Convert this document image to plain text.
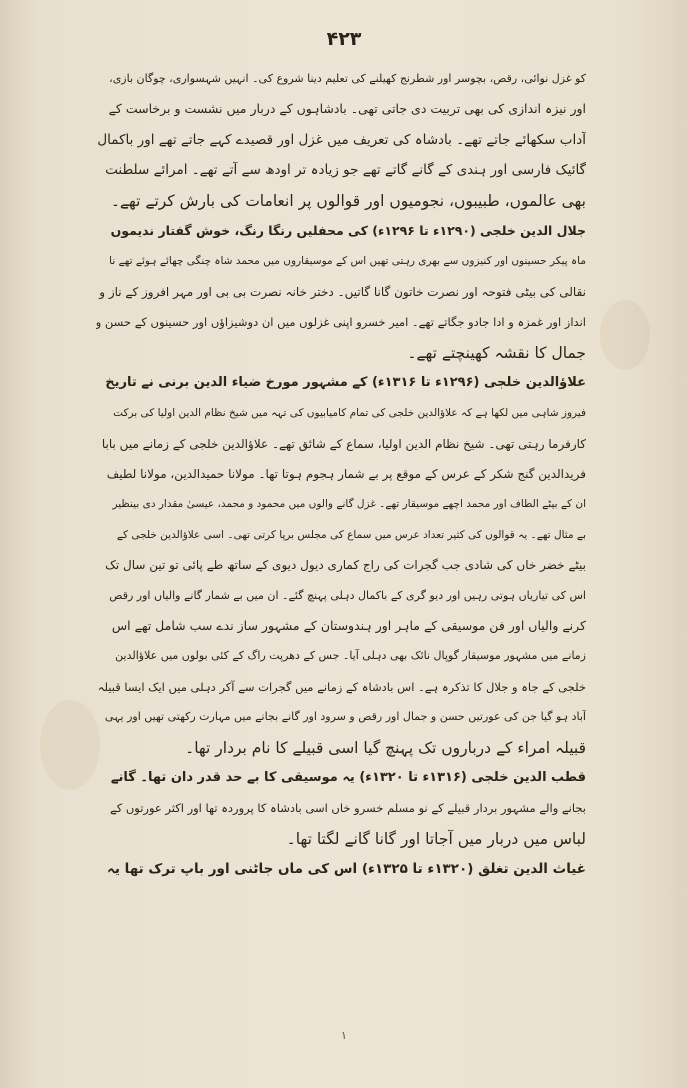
۴۲۳
کو غزل نوائی، رقص، بچوسر اور شطرنج کھیلنے کی تعلیم دینا شروع کی۔ انہیں شہسواری، چوگان بازی،
اور نیزہ اندازی کی بھی تربیت دی جاتی تھی۔ بادشاہوں کے دربار میں نشست و برخاست کے
آداب سکھائے جاتے تھے۔ بادشاہ کی تعریف میں غزل اور قصیدے کہے جاتے تھے اور باکمال
گائیک فارسی اور ہندی کے گانے گاتے تھے جو زیادہ تر اودھ سے آتے تھے۔ امرائے سلطنت
بھی عالموں، طبیبوں، نجومیوں اور قوالوں پر انعامات کی بارش کرتے تھے۔
جلال الدین خلجی (۱۲۹۰ء تا ۱۲۹۶ء) کی محفلیں رنگا رنگ، خوش گفتار ندیموں
ماہ پیکر حسینوں اور کنیزوں سے بھری رہتی تھیں اس کے موسیقاروں میں محمد شاہ چنگی چھائے ہوئے تھے نا
نقالی کی بیٹی فتوحہ اور نصرت خاتون گانا گاتیں۔ دختر خانہ نصرت بی بی اور مہر افروز کے ناز و
انداز اور غمزہ و ادا جادو جگاتے تھے۔ امیر خسرو اپنی غزلوں میں ان دوشیزاؤں اور حسینوں کے حسن و
جمال کا نقشہ کھینچتے تھے۔
علاؤالدین خلجی (۱۲۹۶ء تا ۱۳۱۶ء) کے مشہور مورخ ضیاء الدین برنی نے تاریخ
فیروز شاہی میں لکھا ہے کہ علاؤالدین خلجی کی تمام کامیابیوں کی تہہ میں شیخ نظام الدین اولیا کی برکت
کارفرما رہتی تھی۔ شیخ نظام الدین اولیا، سماع کے شائق تھے۔ علاؤالدین خلجی کے زمانے میں بابا
فریدالدین گنج شکر کے عرس کے موقع پر بے شمار ہجوم ہوتا تھا۔ مولانا حمیدالدین، مولانا لطیف
ان کے بیٹے الطاف اور محمد اچھے موسیقار تھے۔ غزل گانے والوں میں محمود و محمد، عیسیٰ مقدار دی بینظیر
بے مثال تھے۔ یہ قوالوں کی کثیر تعداد عرس میں سماع کی مجلس برپا کرتی تھی۔ اسی علاؤالدین خلجی کے
بیٹے خضر خاں کی شادی جب گجرات کی راج کماری دیول دیوی کے ساتھ طے پائی تو تین سال تک
اس کی تیاریاں ہوتی رہیں اور دیو گری کے باکمال دہلی پہنچ گئے۔ ان میں بے شمار گانے والیاں اور رقص
کرنے والیاں اور فن موسیقی کے ماہر اور ہندوستان کے مشہور ساز ندے سب شامل تھے اس
زمانے میں مشہور موسیقار گوپال نائک بھی دہلی آیا۔ جس کے دھرپت راگ کے کئی بولوں میں علاؤالدین
خلجی کے جاہ و جلال کا تذکرہ ہے۔ اس بادشاہ کے زمانے میں گجرات سے آکر دہلی میں ایک ایسا قبیلہ
آباد ہو گیا جن کی عورتیں حسن و جمال اور رقص و سرود اور گانے بجانے میں مہارت رکھتی تھیں اور یہی
قبیلہ امراء کے درباروں تک پہنچ گیا اسی قبیلے کا نام بردار تھا۔
قطب الدین خلجی (۱۳۱۶ء تا ۱۳۲۰ء) یہ موسیقی کا بے حد قدر دان تھا۔ گانے
بجانے والے مشہور بردار قبیلے کے نو مسلم خسرو خاں اسی بادشاہ کا پروردہ تھا اور اکثر عورتوں کے
لباس میں دربار میں آجاتا اور گانا گانے لگتا تھا۔
غیاث الدین تغلق (۱۳۲۰ء تا ۱۳۲۵ء) اس کی ماں جاٹنی اور باپ ترک تھا یہ
۱
